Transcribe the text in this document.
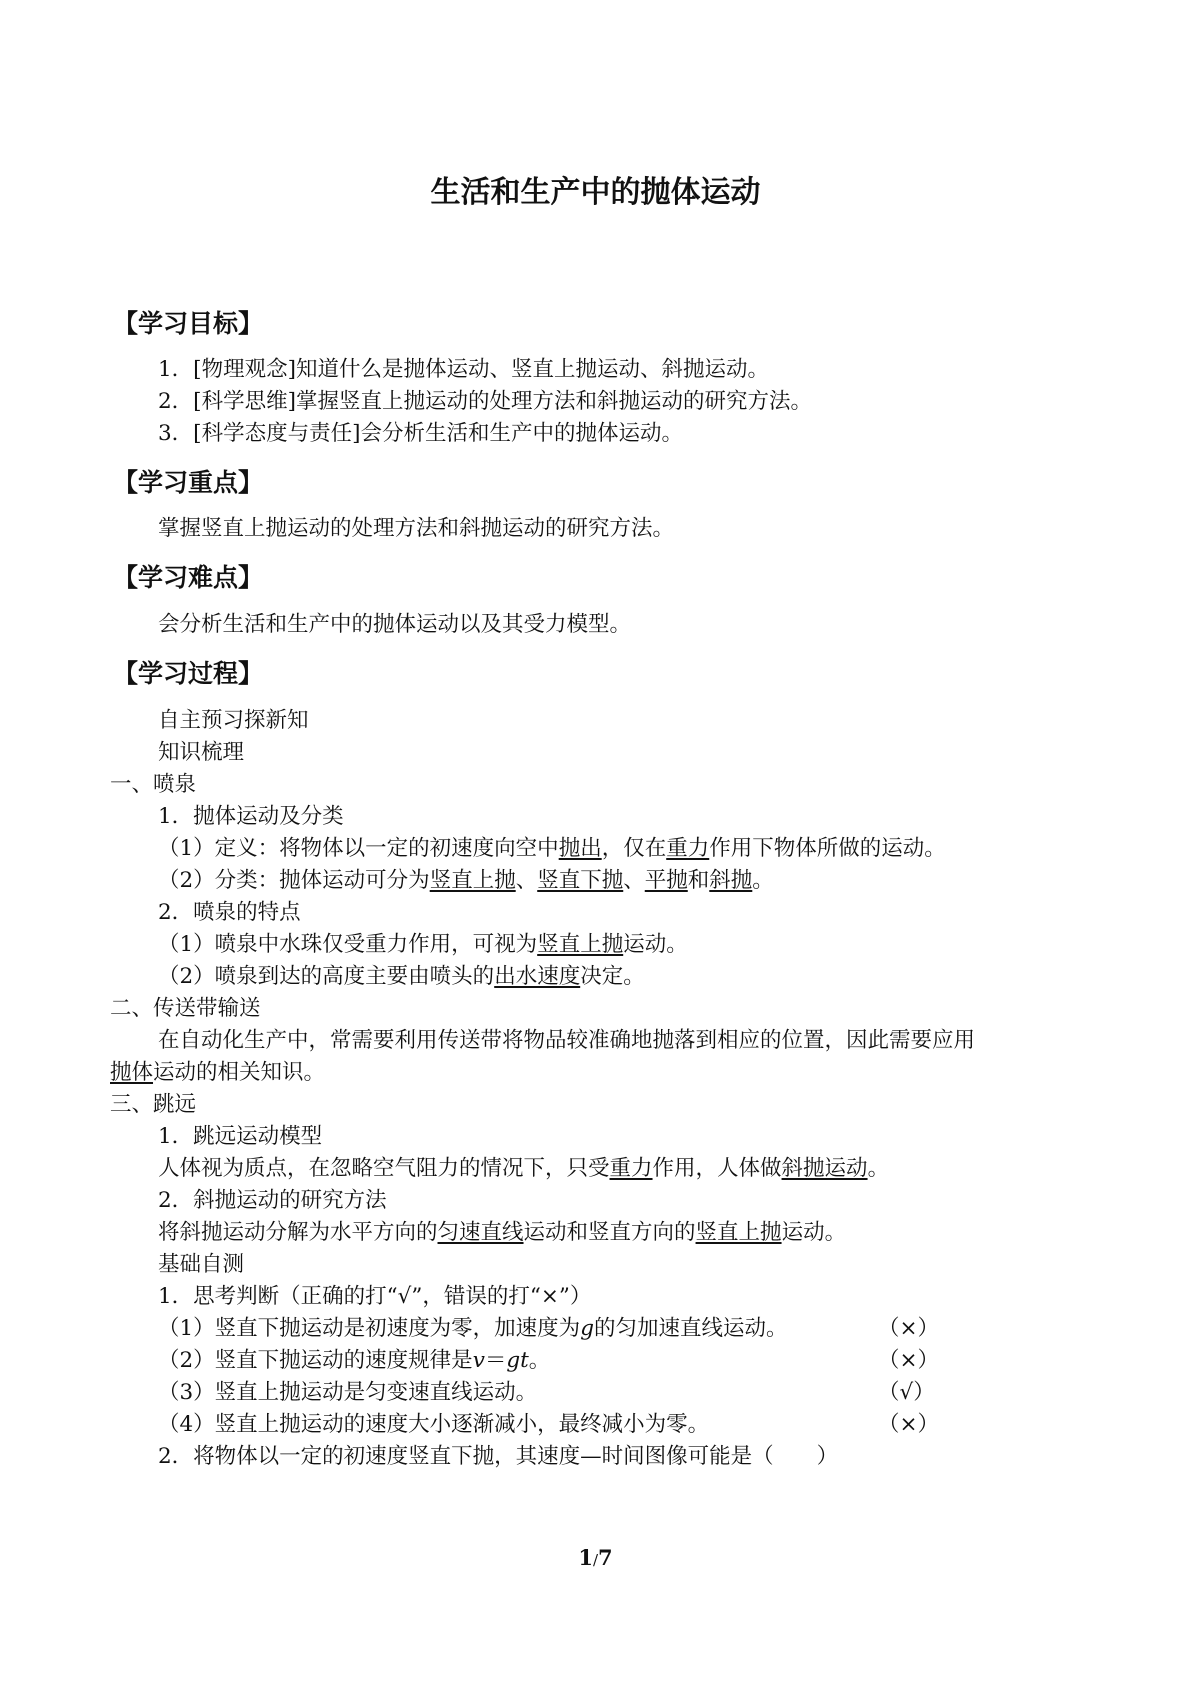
生活和生产中的抛体运动
【学习目标】
1．[物理观念]知道什么是抛体运动、竖直上抛运动、斜抛运动。
2．[科学思维]掌握竖直上抛运动的处理方法和斜抛运动的研究方法。
3．[科学态度与责任]会分析生活和生产中的抛体运动。
【学习重点】
掌握竖直上抛运动的处理方法和斜抛运动的研究方法。
【学习难点】
会分析生活和生产中的抛体运动以及其受力模型。
【学习过程】
自主预习探新知
知识梳理
一、喷泉
1．抛体运动及分类
（1）定义：将物体以一定的初速度向空中抛出，仅在重力作用下物体所做的运动。
（2）分类：抛体运动可分为竖直上抛、竖直下抛、平抛和斜抛。
2．喷泉的特点
（1）喷泉中水珠仅受重力作用，可视为竖直上抛运动。
（2）喷泉到达的高度主要由喷头的出水速度决定。
二、传送带输送
在自动化生产中，常需要利用传送带将物品较准确地抛落到相应的位置，因此需要应用
抛体运动的相关知识。
三、跳远
1．跳远运动模型
人体视为质点，在忽略空气阻力的情况下，只受重力作用，人体做斜抛运动。
2．斜抛运动的研究方法
将斜抛运动分解为水平方向的匀速直线运动和竖直方向的竖直上抛运动。
基础自测
1．思考判断（正确的打“√”，错误的打“×”）
（1）竖直下抛运动是初速度为零，加速度为g的匀加速直线运动。	（×）
（2）竖直下抛运动的速度规律是v＝gt。	（×）
（3）竖直上抛运动是匀变速直线运动。	（√）
（4）竖直上抛运动的速度大小逐渐减小，最终减小为零。	（×）
2．将物体以一定的初速度竖直下抛，其速度—时间图像可能是（　　）
1/7
